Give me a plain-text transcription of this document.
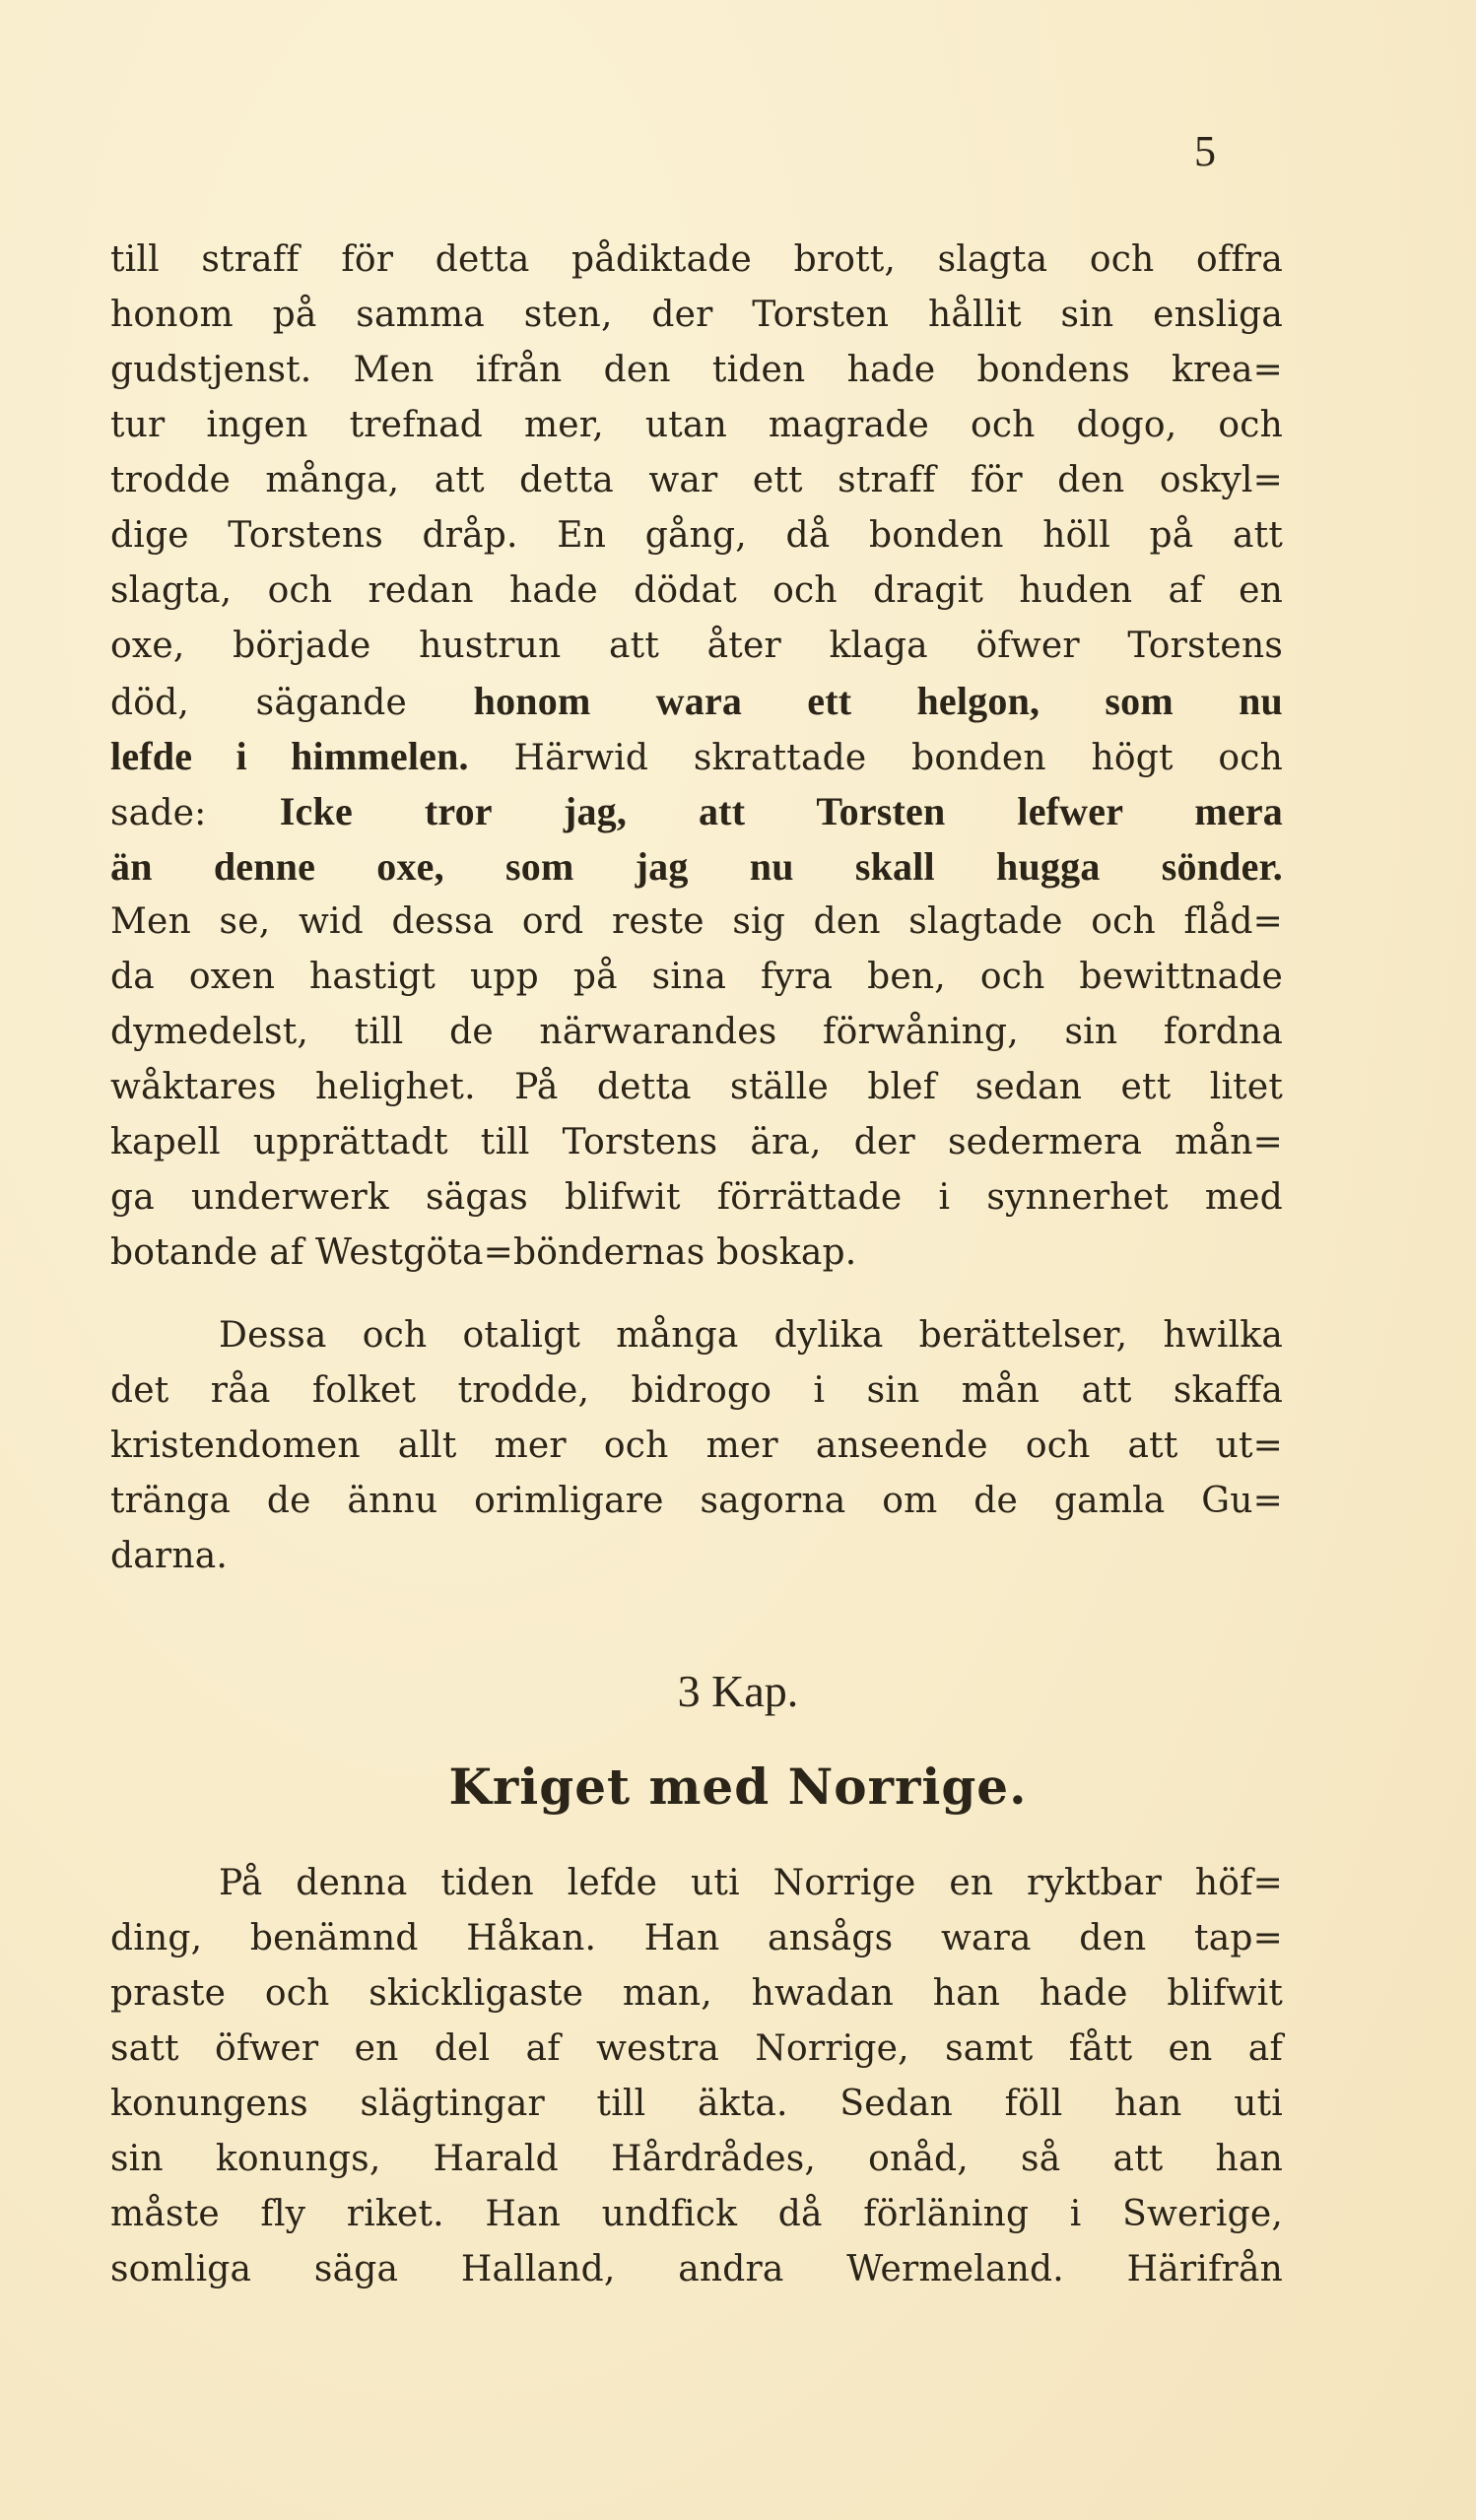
5
till straff för detta pådiktade brott, slagta och offra
honom på samma sten, der Torsten hållit sin ensliga
gudstjenst. Men ifrån den tiden hade bondens krea=
tur ingen trefnad mer, utan magrade och dogo, och
trodde många, att detta war ett straff för den oskyl=
dige Torstens dråp. En gång, då bonden höll på att
slagta, och redan hade dödat och dragit huden af en
oxe, började hustrun att åter klaga öfwer Torstens
död, sägande honom wara ett helgon, som nu
lefde i himmelen. Härwid skrattade bonden högt och
sade: Icke tror jag, att Torsten lefwer mera
än denne oxe, som jag nu skall hugga sönder.
Men se, wid dessa ord reste sig den slagtade och flåd=
da oxen hastigt upp på sina fyra ben, och bewittnade
dymedelst, till de närwarandes förwåning, sin fordna
wåktares helighet. På detta ställe blef sedan ett litet
kapell upprättadt till Torstens ära, der sedermera mån=
ga underwerk sägas blifwit förrättade i synnerhet med
botande af Westgöta=böndernas boskap.
Dessa och otaligt många dylika berättelser, hwilka
det råa folket trodde, bidrogo i sin mån att skaffa
kristendomen allt mer och mer anseende och att ut=
tränga de ännu orimligare sagorna om de gamla Gu=
darna.
3 Kap.
Kriget med Norrige.
På denna tiden lefde uti Norrige en ryktbar höf=
ding, benämnd Håkan. Han ansågs wara den tap=
praste och skickligaste man, hwadan han hade blifwit
satt öfwer en del af westra Norrige, samt fått en af
konungens slägtingar till äkta. Sedan föll han uti
sin konungs, Harald Hårdrådes, onåd, så att han
måste fly riket. Han undfick då förläning i Swerige,
somliga säga Halland, andra Wermeland. Härifrån
